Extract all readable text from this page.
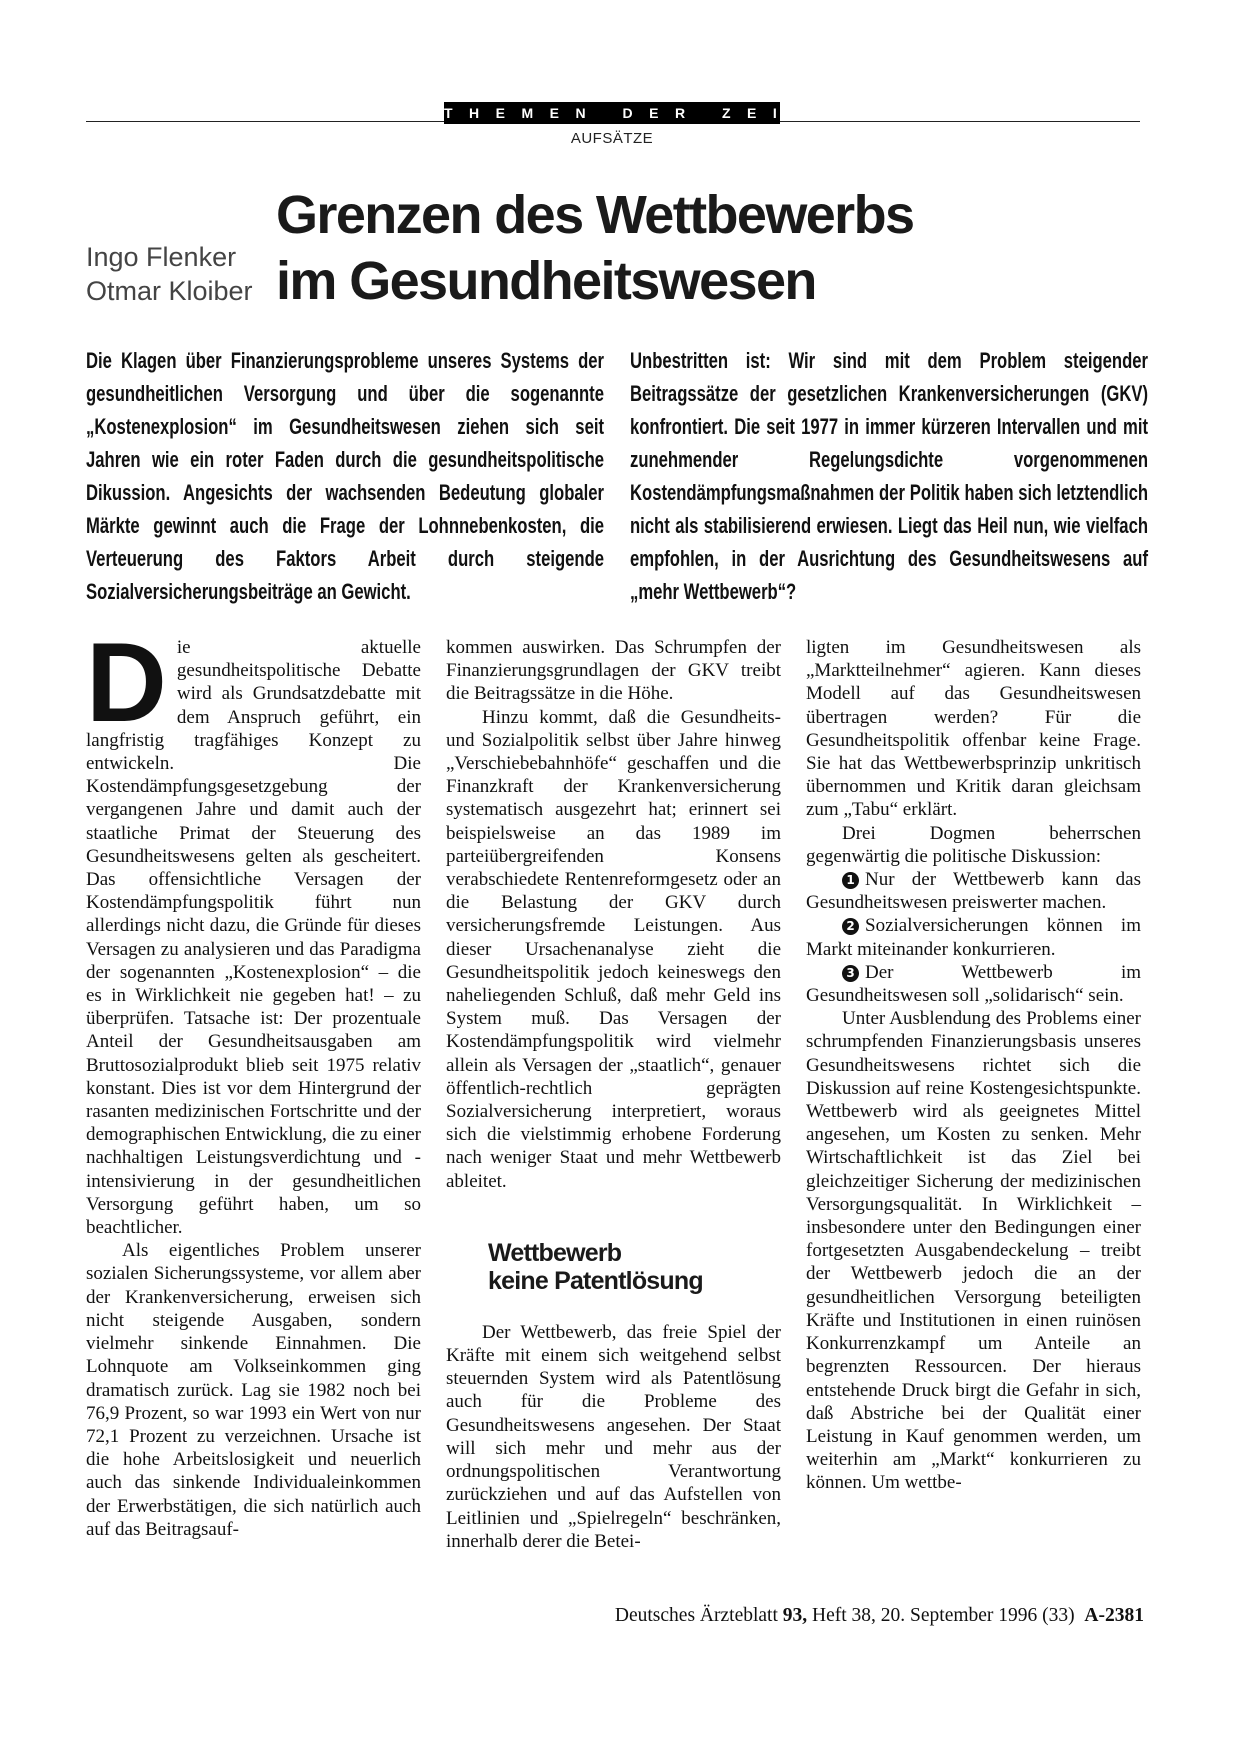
THEMEN DER ZEIT
AUFSÄTZE
Ingo Flenker
Otmar Kloiber
Grenzen des Wettbewerbs
im Gesundheitswesen
Die Klagen über Finanzierungsprobleme unseres Systems der gesundheitlichen Versorgung und über die sogenannte „Kostenexplosion“ im Gesundheitswesen ziehen sich seit Jahren wie ein roter Faden durch die gesundheitspolitische Dikussion. Angesichts der wachsenden Bedeutung globaler Märkte gewinnt auch die Frage der Lohnnebenkosten, die Verteuerung des Faktors Arbeit durch steigende Sozialversicherungsbeiträge an Gewicht.
Unbestritten ist: Wir sind mit dem Problem steigender Beitragssätze der gesetzlichen Krankenversicherungen (GKV) konfrontiert. Die seit 1977 in immer kürzeren Intervallen und mit zunehmender Regelungsdichte vorgenommenen Kostendämpfungsmaßnahmen der Politik haben sich letztendlich nicht als stabilisierend erwiesen. Liegt das Heil nun, wie vielfach empfohlen, in der Ausrichtung des Gesundheitswesens auf „mehr Wettbewerb“?

Die aktuelle gesundheitspolitische Debatte wird als Grundsatzdebatte mit dem Anspruch geführt, ein langfristig tragfähiges Konzept zu entwickeln. Die Kostendämpfungsgesetzgebung der vergangenen Jahre und damit auch der staatliche Primat der Steuerung des Gesundheitswesens gelten als gescheitert. Das offensichtliche Versagen der Kostendämpfungspolitik führt nun allerdings nicht dazu, die Gründe für dieses Versagen zu analysieren und das Paradigma der sogenannten „Kostenexplosion“ – die es in Wirklichkeit nie gegeben hat! – zu überprüfen. Tatsache ist: Der prozentuale Anteil der Gesundheitsausgaben am Bruttosozialprodukt blieb seit 1975 relativ konstant. Dies ist vor dem Hintergrund der rasanten medizinischen Fortschritte und der demographischen Entwicklung, die zu einer nachhaltigen Leistungsverdichtung und -intensivierung in der gesundheitlichen Versorgung geführt haben, um so beachtlicher.

Als eigentliches Problem unserer sozialen Sicherungssysteme, vor allem aber der Krankenversicherung, erweisen sich nicht steigende Ausgaben, sondern vielmehr sinkende Einnahmen. Die Lohnquote am Volkseinkommen ging dramatisch zurück. Lag sie 1982 noch bei 76,9 Prozent, so war 1993 ein Wert von nur 72,1 Prozent zu verzeichnen. Ursache ist die hohe Arbeitslosigkeit und neuerlich auch das sinkende Individualeinkommen der Erwerbstätigen, die sich natürlich auch auf das Beitragsauf-

kommen auswirken. Das Schrumpfen der Finanzierungsgrundlagen der GKV treibt die Beitragssätze in die Höhe.

Hinzu kommt, daß die Gesundheits- und Sozialpolitik selbst über Jahre hinweg „Verschiebebahnhöfe“ geschaffen und die Finanzkraft der Krankenversicherung systematisch ausgezehrt hat; erinnert sei beispielsweise an das 1989 im parteiübergreifenden Konsens verabschiedete Rentenreformgesetz oder an die Belastung der GKV durch versicherungsfremde Leistungen. Aus dieser Ursachenanalyse zieht die Gesundheitspolitik jedoch keineswegs den naheliegenden Schluß, daß mehr Geld ins System muß. Das Versagen der Kostendämpfungspolitik wird vielmehr allein als Versagen der „staatlich“, genauer öffentlich-rechtlich geprägten Sozialversicherung interpretiert, woraus sich die vielstimmig erhobene Forderung nach weniger Staat und mehr Wettbewerb ableitet.

Wettbewerb
keine Patentlösung

Der Wettbewerb, das freie Spiel der Kräfte mit einem sich weitgehend selbst steuernden System wird als Patentlösung auch für die Probleme des Gesundheitswesens angesehen. Der Staat will sich mehr und mehr aus der ordnungspolitischen Verantwortung zurückziehen und auf das Aufstellen von Leitlinien und „Spielregeln“ beschränken, innerhalb derer die Betei-

ligten im Gesundheitswesen als „Marktteilnehmer“ agieren. Kann dieses Modell auf das Gesundheitswesen übertragen werden? Für die Gesundheitspolitik offenbar keine Frage. Sie hat das Wettbewerbsprinzip unkritisch übernommen und Kritik daran gleichsam zum „Tabu“ erklärt.

Drei Dogmen beherrschen gegenwärtig die politische Diskussion:

1 Nur der Wettbewerb kann das Gesundheitswesen preiswerter machen.

2 Sozialversicherungen können im Markt miteinander konkurrieren.

3 Der Wettbewerb im Gesundheitswesen soll „solidarisch“ sein.

Unter Ausblendung des Problems einer schrumpfenden Finanzierungsbasis unseres Gesundheitswesens richtet sich die Diskussion auf reine Kostengesichtspunkte. Wettbewerb wird als geeignetes Mittel angesehen, um Kosten zu senken. Mehr Wirtschaftlichkeit ist das Ziel bei gleichzeitiger Sicherung der medizinischen Versorgungsqualität. In Wirklichkeit – insbesondere unter den Bedingungen einer fortgesetzten Ausgabendeckelung – treibt der Wettbewerb jedoch die an der gesundheitlichen Versorgung beteiligten Kräfte und Institutionen in einen ruinösen Konkurrenzkampf um Anteile an begrenzten Ressourcen. Der hieraus entstehende Druck birgt die Gefahr in sich, daß Abstriche bei der Qualität einer Leistung in Kauf genommen werden, um weiterhin am „Markt“ konkurrieren zu können. Um wettbe-

Deutsches Ärzteblatt 93, Heft 38, 20. September 1996 (33) A-2381
